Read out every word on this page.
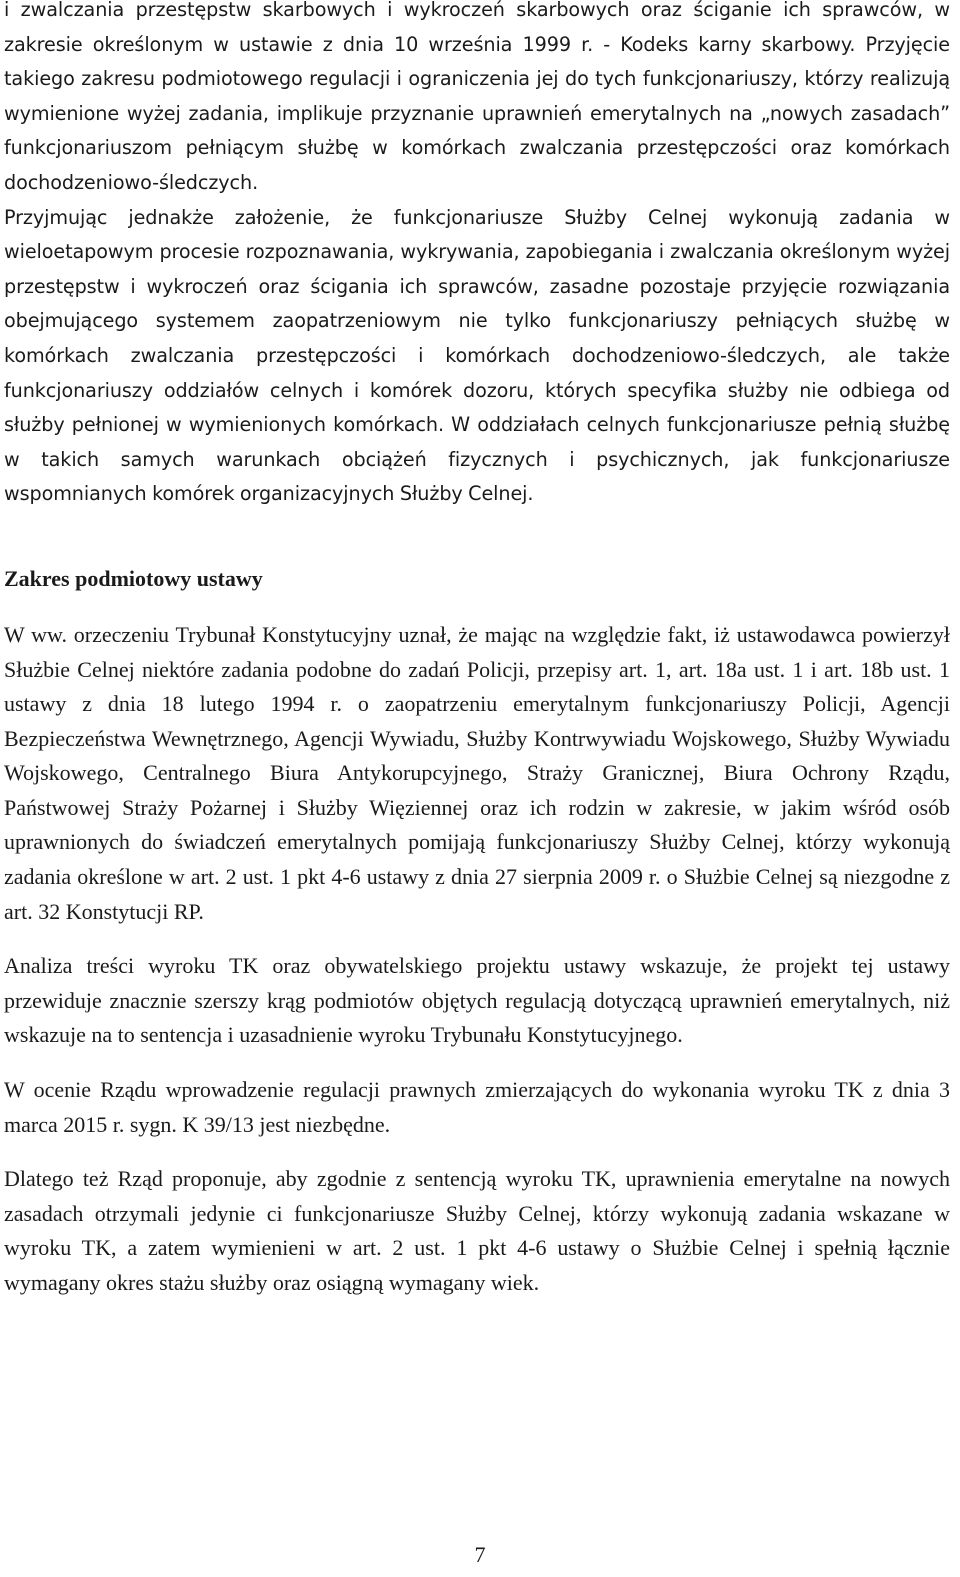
i zwalczania przestępstw skarbowych i wykroczeń skarbowych oraz ściganie ich sprawców, w zakresie określonym w ustawie z dnia 10 września 1999 r. - Kodeks karny skarbowy. Przyjęcie takiego zakresu podmiotowego regulacji i ograniczenia jej do tych funkcjonariuszy, którzy realizują wymienione wyżej zadania, implikuje przyznanie uprawnień emerytalnych na „nowych zasadach” funkcjonariuszom pełniącym służbę w komórkach zwalczania przestępczości oraz komórkach dochodzeniowo-śledczych.

Przyjmując jednakże założenie, że funkcjonariusze Służby Celnej wykonują zadania w wieloetapowym procesie rozpoznawania, wykrywania, zapobiegania i zwalczania określonym wyżej przestępstw i wykroczeń oraz ścigania ich sprawców, zasadne pozostaje przyjęcie rozwiązania obejmującego systemem zaopatrzeniowym nie tylko funkcjonariuszy pełniących służbę w komórkach zwalczania przestępczości i komórkach dochodzeniowo-śledczych, ale także funkcjonariuszy oddziałów celnych i komórek dozoru, których specyfika służby nie odbiega od służby pełnionej w wymienionych komórkach. W oddziałach celnych funkcjonariusze pełnią służbę w takich samych warunkach obciążeń fizycznych i psychicznych, jak funkcjonariusze wspomnianych komórek organizacyjnych Służby Celnej.

Zakres podmiotowy ustawy

W ww. orzeczeniu Trybunał Konstytucyjny uznał, że mając na względzie fakt, iż ustawodawca powierzył Służbie Celnej niektóre zadania podobne do zadań Policji, przepisy art. 1, art. 18a ust. 1 i art. 18b ust. 1 ustawy z dnia 18 lutego 1994 r. o zaopatrzeniu emerytalnym funkcjonariuszy Policji, Agencji Bezpieczeństwa Wewnętrznego, Agencji Wywiadu, Służby Kontrwywiadu Wojskowego, Służby Wywiadu Wojskowego, Centralnego Biura Antykorupcyjnego, Straży Granicznej, Biura Ochrony Rządu, Państwowej Straży Pożarnej i Służby Więziennej oraz ich rodzin w zakresie, w jakim wśród osób uprawnionych do świadczeń emerytalnych pomijają funkcjonariuszy Służby Celnej, którzy wykonują zadania określone w art. 2 ust. 1 pkt 4-6 ustawy z dnia 27 sierpnia 2009 r. o Służbie Celnej są niezgodne z art. 32 Konstytucji RP.

Analiza treści wyroku TK oraz obywatelskiego projektu ustawy wskazuje, że projekt tej ustawy przewiduje znacznie szerszy krąg podmiotów objętych regulacją dotyczącą uprawnień emerytalnych, niż wskazuje na to sentencja i uzasadnienie wyroku Trybunału Konstytucyjnego.

W ocenie Rządu wprowadzenie regulacji prawnych zmierzających do wykonania wyroku TK z dnia 3 marca 2015 r. sygn. K 39/13 jest niezbędne.

Dlatego też Rząd proponuje, aby zgodnie z sentencją wyroku TK, uprawnienia emerytalne na nowych zasadach otrzymali jedynie ci funkcjonariusze Służby Celnej, którzy wykonują zadania wskazane w wyroku TK, a zatem wymienieni w art. 2 ust. 1 pkt 4-6 ustawy o Służbie Celnej i spełnią łącznie wymagany okres stażu służby oraz osiągną wymagany wiek.

7
